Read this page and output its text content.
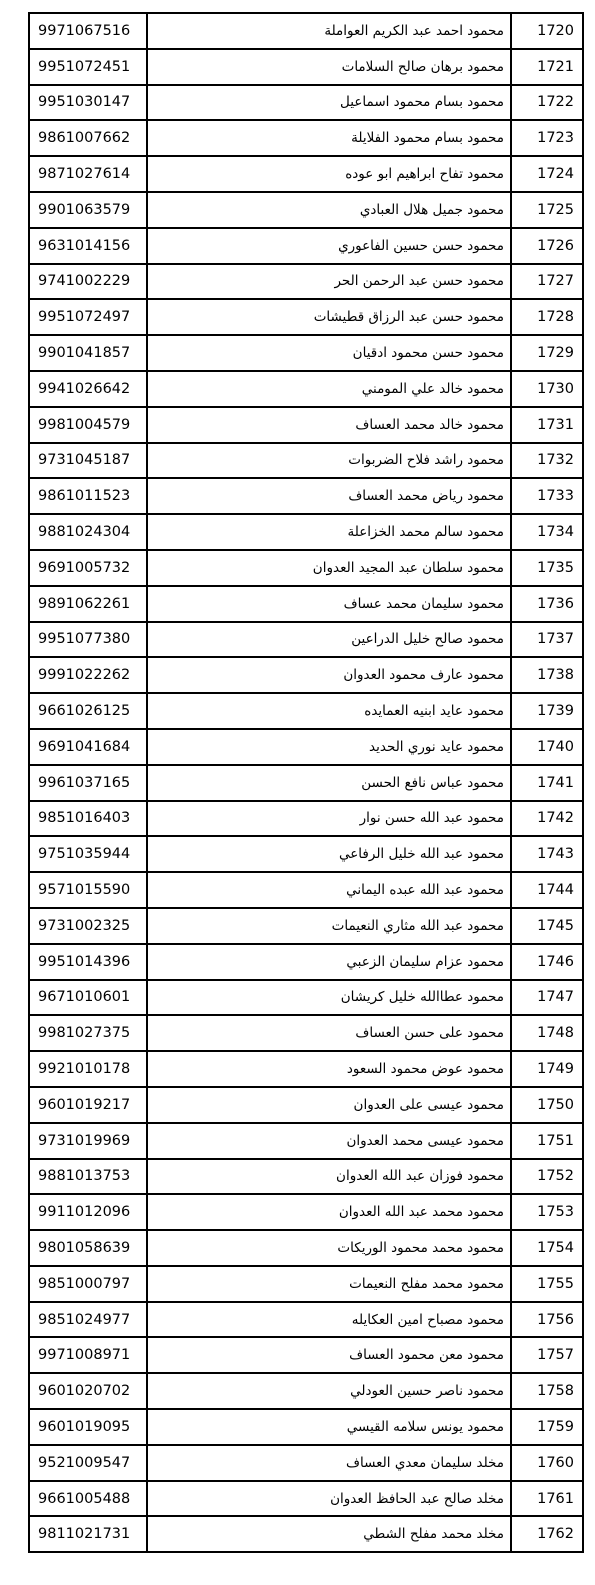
9971067516	محمود احمد عبد الكريم العواملة	1720
9951072451	محمود برهان صالح السلامات	1721
9951030147	محمود بسام محمود اسماعيل	1722
9861007662	محمود بسام محمود الفلايلة	1723
9871027614	محمود تفاح ابراهيم ابو عوده	1724
9901063579	محمود جميل هلال العبادي	1725
9631014156	محمود حسن حسين الفاعوري	1726
9741002229	محمود حسن عبد الرحمن الحر	1727
9951072497	محمود حسن عبد الرزاق قطيشات	1728
9901041857	محمود حسن محمود ادقيان	1729
9941026642	محمود خالد علي المومني	1730
9981004579	محمود خالد محمد العساف	1731
9731045187	محمود راشد فلاح الضربوات	1732
9861011523	محمود رياض محمد العساف	1733
9881024304	محمود سالم محمد الخزاعلة	1734
9691005732	محمود سلطان عبد المجيد العدوان	1735
9891062261	محمود سليمان محمد عساف	1736
9951077380	محمود صالح خليل الدراعين	1737
9991022262	محمود عارف محمود العدوان	1738
9661026125	محمود عايد ابنيه العمايده	1739
9691041684	محمود عايد نوري الحديد	1740
9961037165	محمود عباس نافع الحسن	1741
9851016403	محمود عبد الله حسن نوار	1742
9751035944	محمود عبد الله خليل الرفاعي	1743
9571015590	محمود عبد الله عبده اليماني	1744
9731002325	محمود عبد الله مثاري النعيمات	1745
9951014396	محمود عزام سليمان الزعبي	1746
9671010601	محمود عطاالله خليل كريشان	1747
9981027375	محمود على حسن العساف	1748
9921010178	محمود عوض محمود السعود	1749
9601019217	محمود عيسى على العدوان	1750
9731019969	محمود عيسى محمد العدوان	1751
9881013753	محمود فوزان عبد الله العدوان	1752
9911012096	محمود محمد عبد الله العدوان	1753
9801058639	محمود محمد محمود الوريكات	1754
9851000797	محمود محمد مفلح النعيمات	1755
9851024977	محمود مصباح امين العكايله	1756
9971008971	محمود معن محمود العساف	1757
9601020702	محمود ناصر حسين العودلي	1758
9601019095	محمود يونس سلامه القيسي	1759
9521009547	مخلد سليمان معدي العساف	1760
9661005488	مخلد صالح عبد الحافظ العدوان	1761
9811021731	مخلد محمد مفلح الشطي	1762
